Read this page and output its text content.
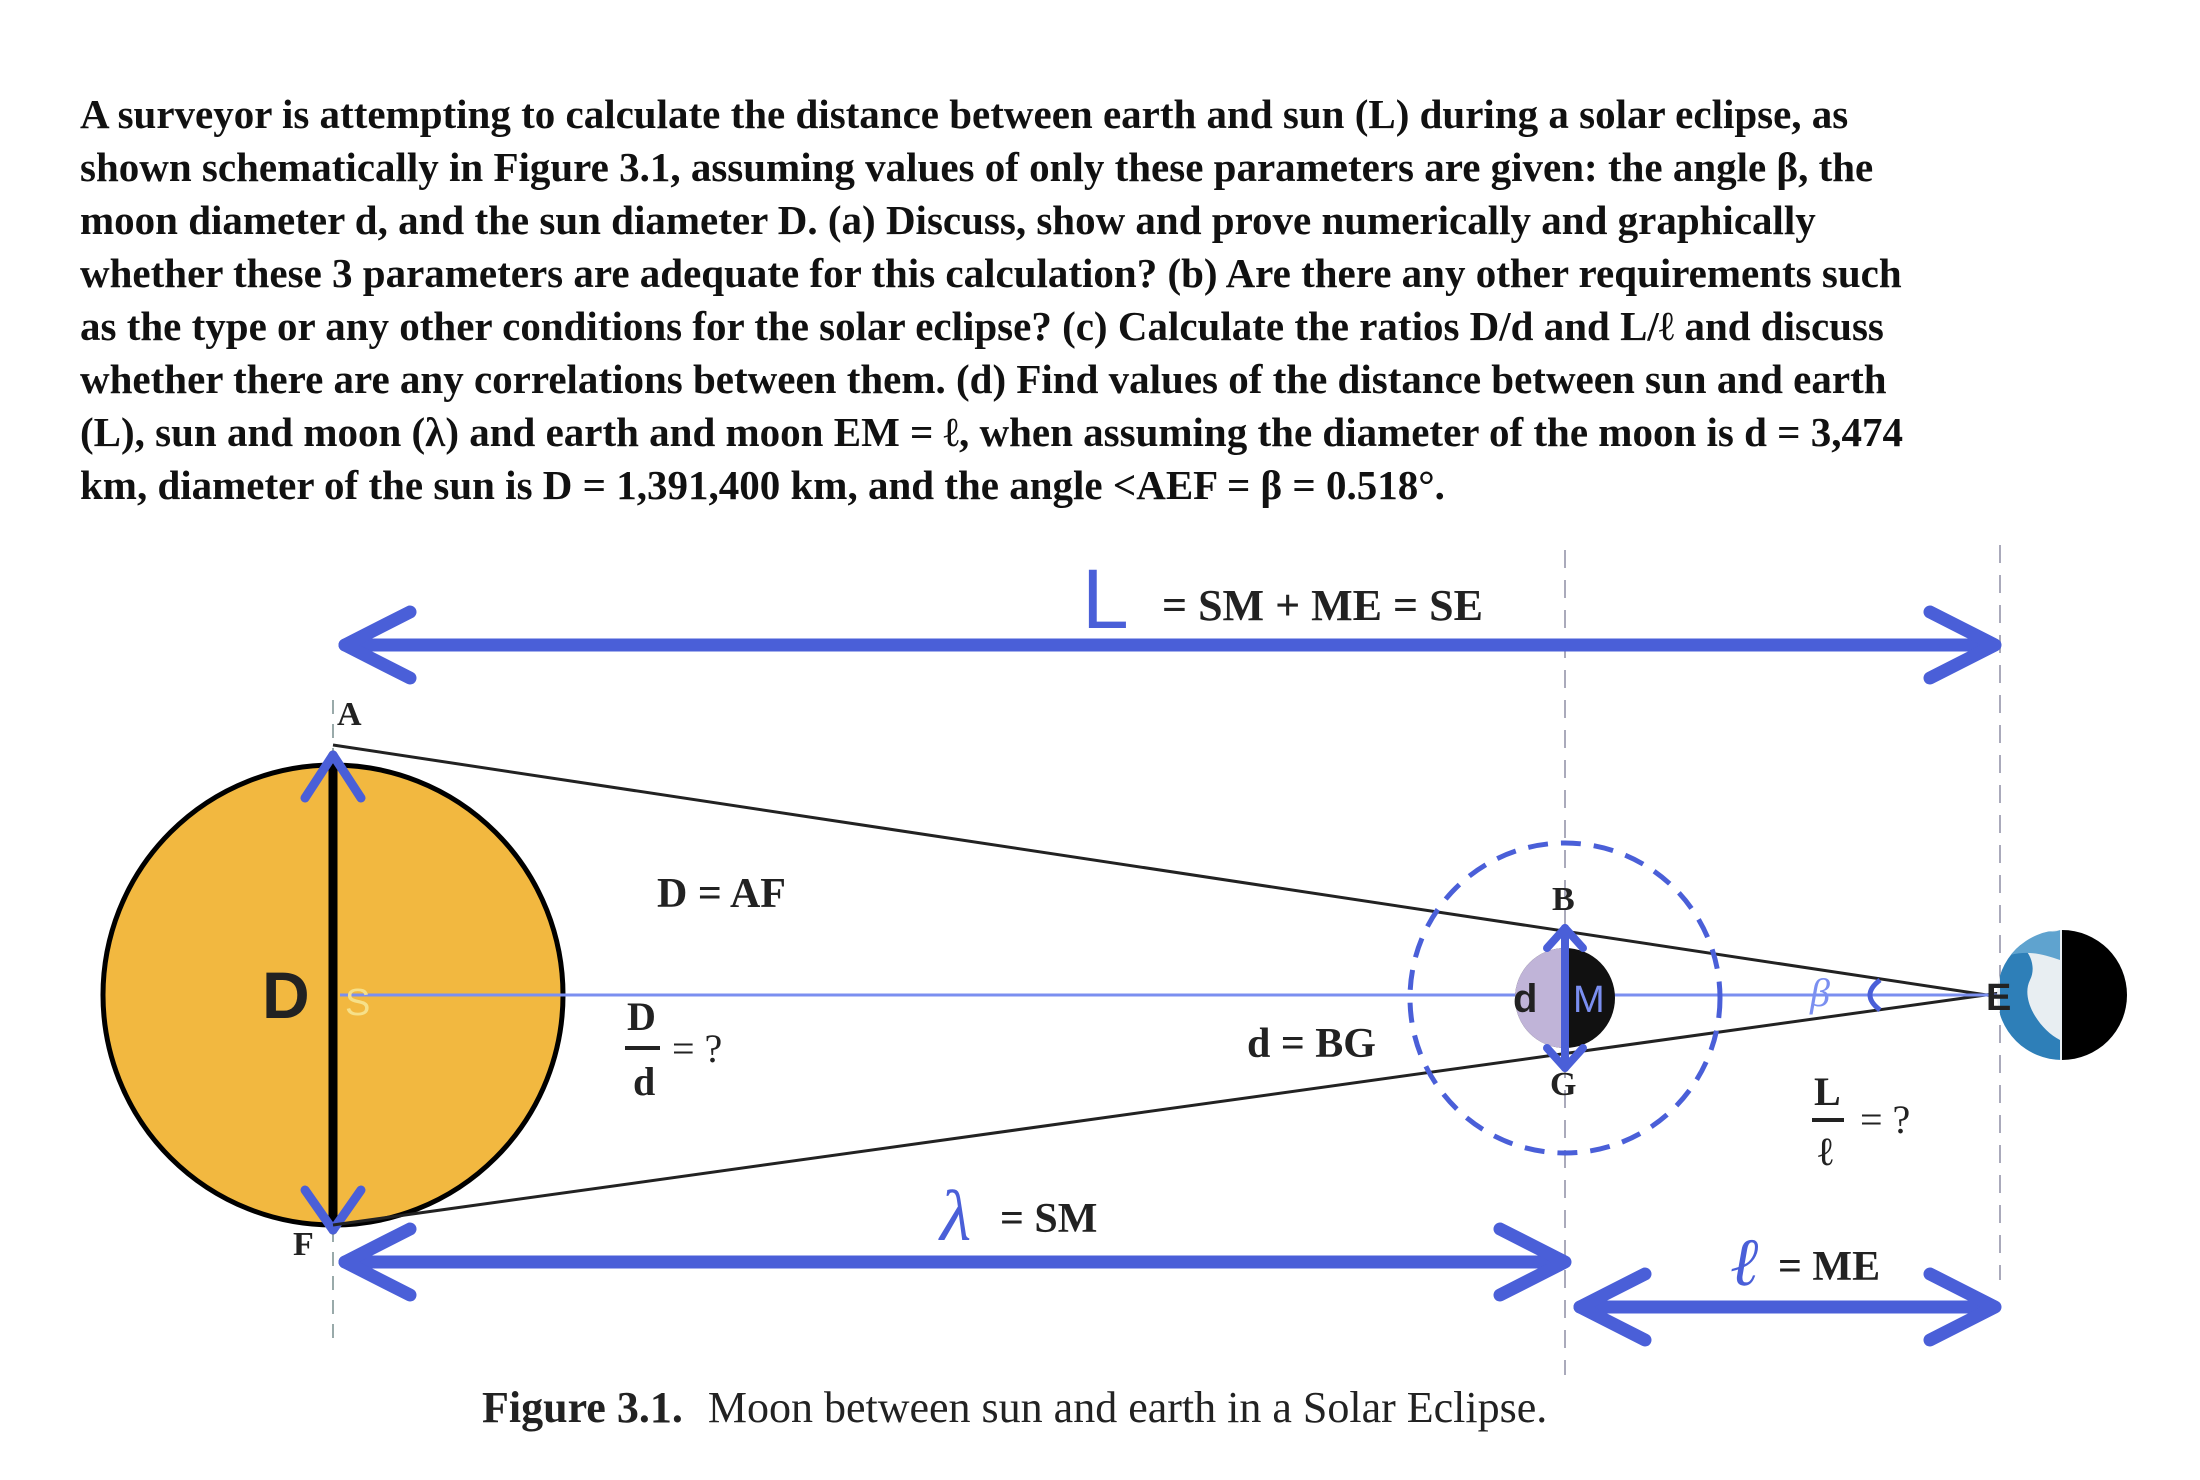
A surveyor is attempting to calculate the distance between earth and sun (L) during a solar eclipse, as

shown schematically in Figure 3.1, assuming values of only these parameters are given: the angle β, the

moon diameter d, and the sun diameter D. (a) Discuss, show and prove numerically and graphically

whether these 3 parameters are adequate for this calculation? (b) Are there any other requirements such

as the type or any other conditions for the solar eclipse? (c) Calculate the ratios D/d and L/ℓ and discuss

whether there are any correlations between them. (d) Find values of the distance between sun and earth

(L), sun and moon (λ) and earth and moon EM = ℓ, when assuming the diameter of the moon is d = 3,474

km, diameter of the sun is D = 1,391,400 km, and the angle <AEF = β = 0.518°.

L = SM + ME = SE
A
F
D S
D = AF
D
d
= ?	d = BG
B
G
d M	β	E
L
ℓ
= ?
λ = SM
ℓ = ME
Figure 3.1. Moon between sun and earth in a Solar Eclipse.
